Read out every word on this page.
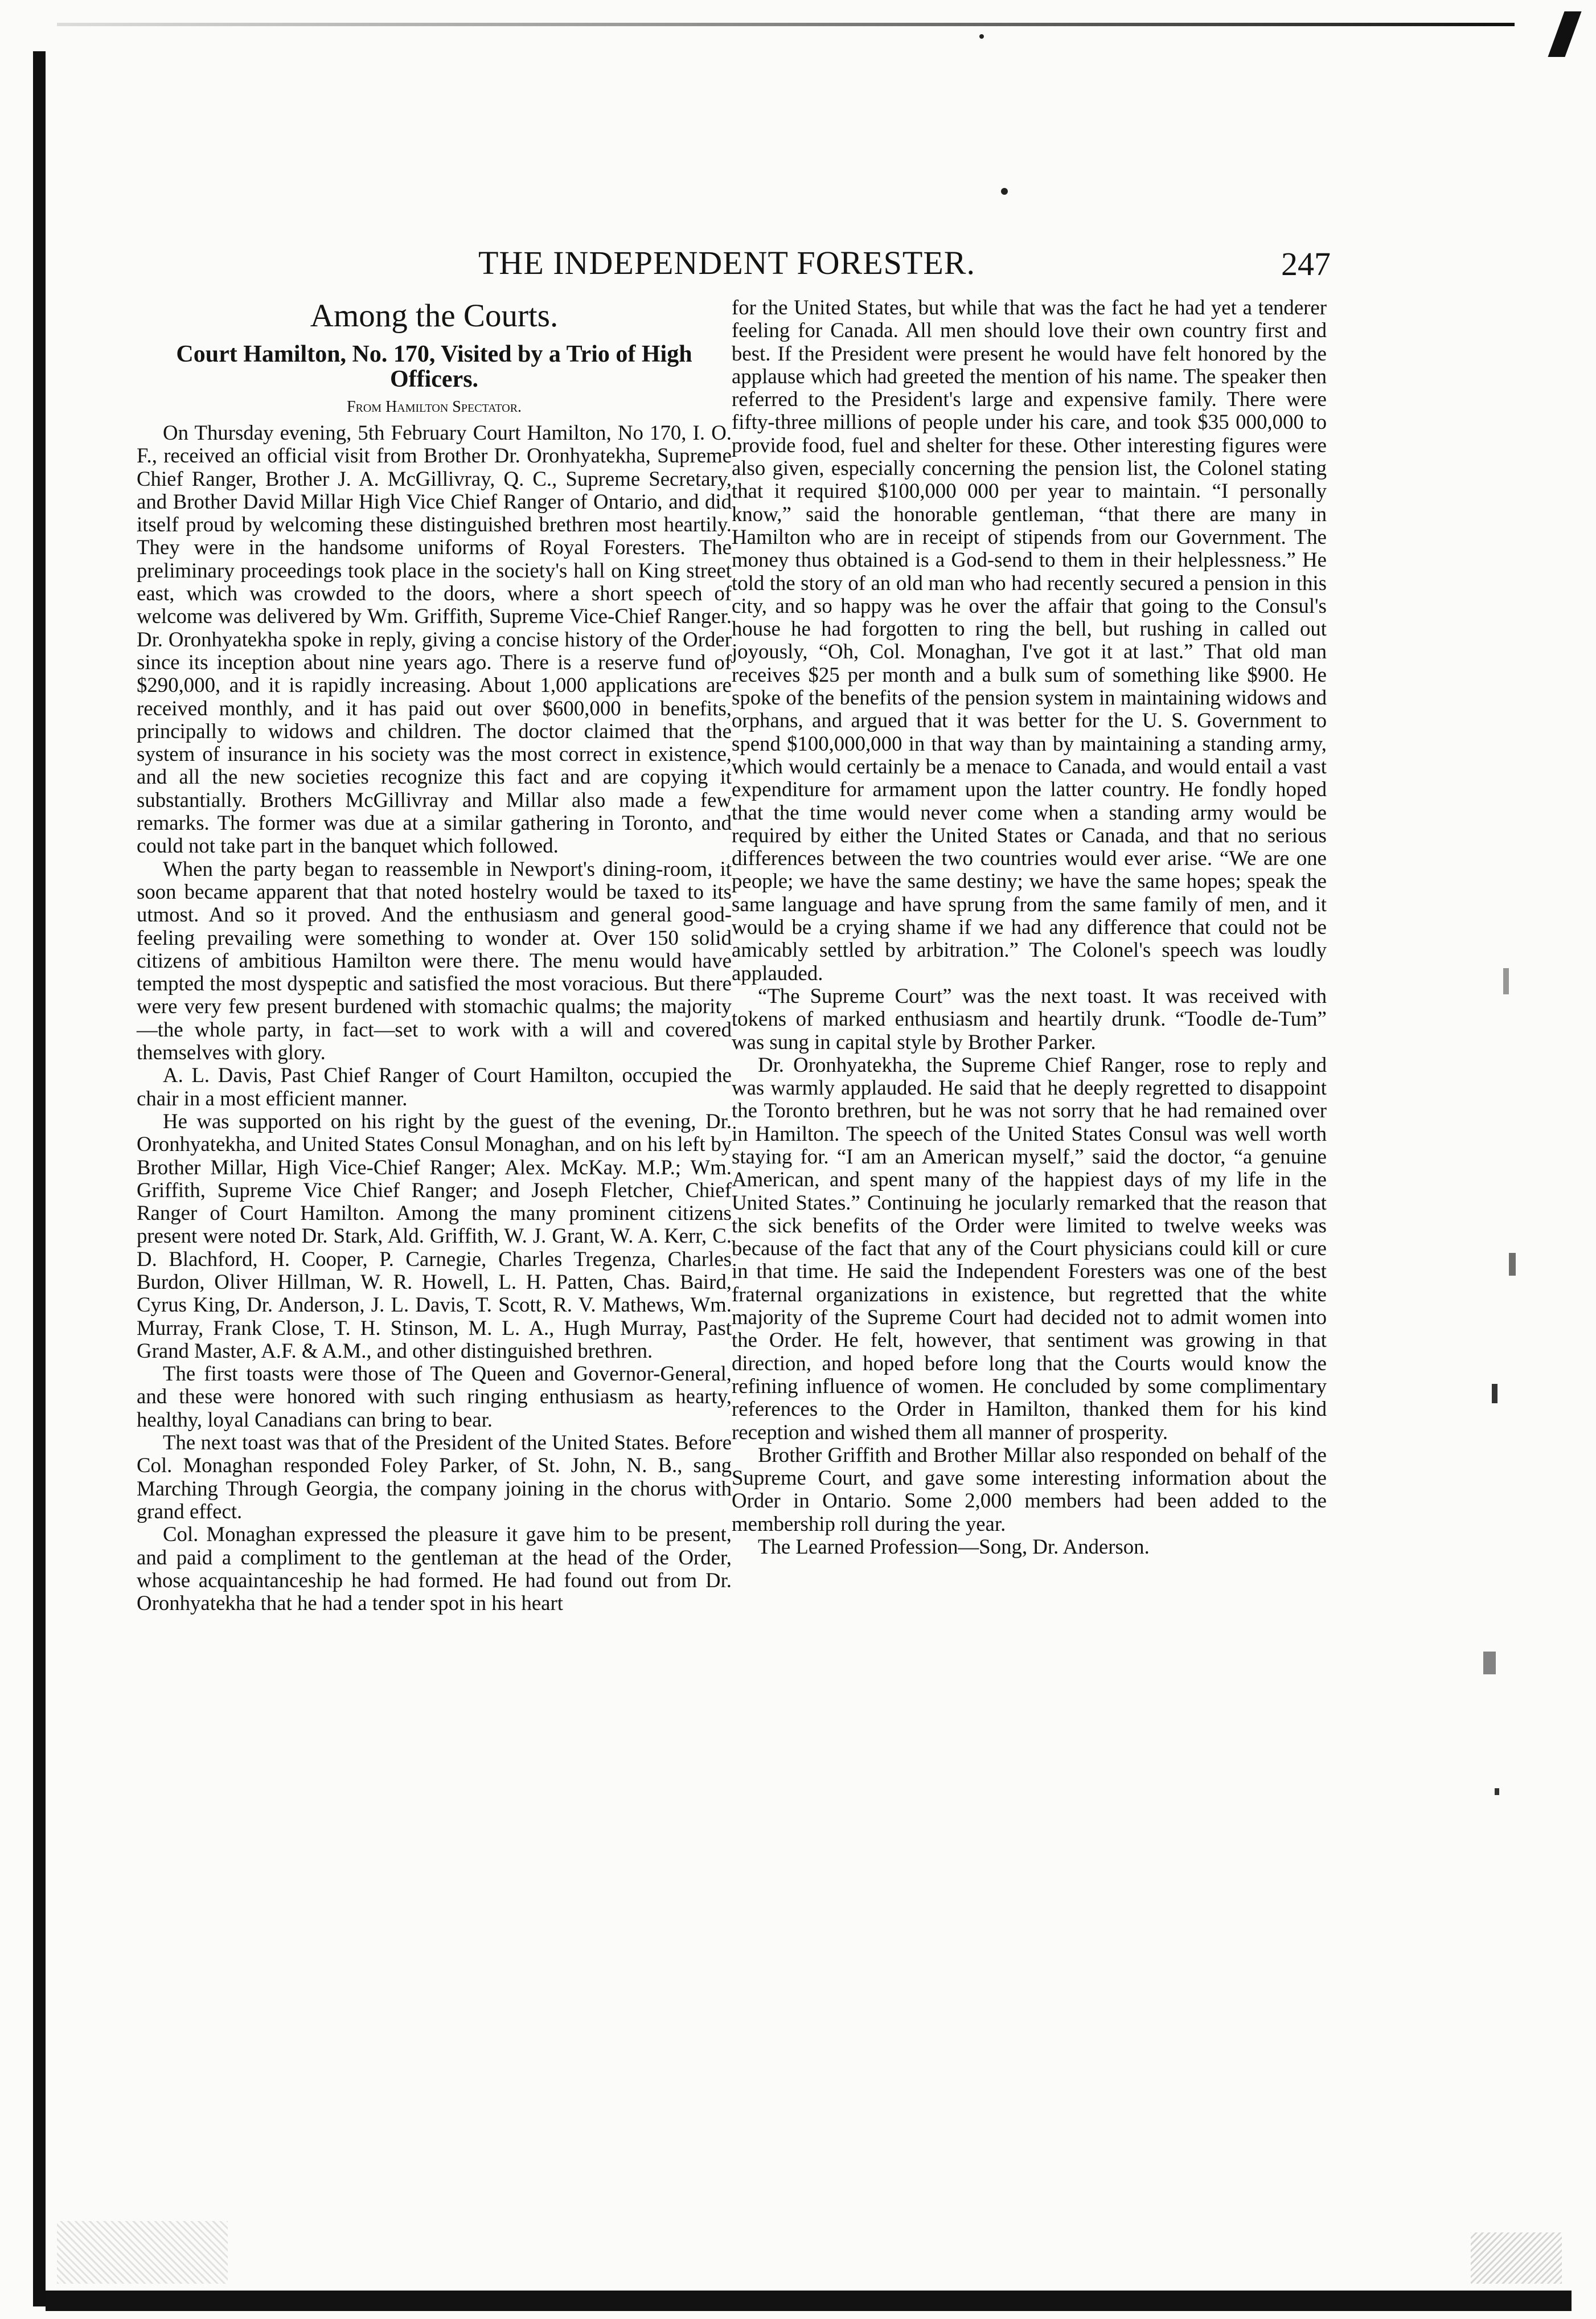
THE INDEPENDENT FORESTER.	247
Among the Courts.
Court Hamilton, No. 170, Visited by a Trio of High Officers.
From Hamilton Spectator.

On Thursday evening, 5th February Court Hamilton, No 170, I. O. F., received an official visit from Brother Dr. Oronhyatekha, Supreme Chief Ranger, Brother J. A. McGillivray, Q. C., Supreme Secretary, and Brother David Millar High Vice Chief Ranger of Ontario, and did itself proud by welcoming these distinguished brethren most heartily. They were in the handsome uniforms of Royal Foresters. The preliminary proceedings took place in the society's hall on King street east, which was crowded to the doors, where a short speech of welcome was delivered by Wm. Griffith, Supreme Vice-Chief Ranger. Dr. Oronhyatekha spoke in reply, giving a concise history of the Order since its inception about nine years ago. There is a reserve fund of $290,000, and it is rapidly increasing. About 1,000 applications are received monthly, and it has paid out over $600,000 in benefits, principally to widows and children. The doctor claimed that the system of insurance in his society was the most correct in existence, and all the new societies recognize this fact and are copying it substantially. Brothers McGillivray and Millar also made a few remarks. The former was due at a similar gathering in Toronto, and could not take part in the banquet which followed.

When the party began to reassemble in Newport's dining-room, it soon became apparent that that noted hostelry would be taxed to its utmost. And so it proved. And the enthusiasm and general good-feeling prevailing were something to wonder at. Over 150 solid citizens of ambitious Hamilton were there. The menu would have tempted the most dyspeptic and satisfied the most voracious. But there were very few present burdened with stomachic qualms; the majority—the whole party, in fact—set to work with a will and covered themselves with glory.

A. L. Davis, Past Chief Ranger of Court Hamilton, occupied the chair in a most efficient manner.

He was supported on his right by the guest of the evening, Dr. Oronhyatekha, and United States Consul Monaghan, and on his left by Brother Millar, High Vice-Chief Ranger; Alex. McKay. M.P.; Wm. Griffith, Supreme Vice Chief Ranger; and Joseph Fletcher, Chief Ranger of Court Hamilton. Among the many prominent citizens present were noted Dr. Stark, Ald. Griffith, W. J. Grant, W. A. Kerr, C. D. Blachford, H. Cooper, P. Carnegie, Charles Tregenza, Charles Burdon, Oliver Hillman, W. R. Howell, L. H. Patten, Chas. Baird, Cyrus King, Dr. Anderson, J. L. Davis, T. Scott, R. V. Mathews, Wm. Murray, Frank Close, T. H. Stinson, M. L. A., Hugh Murray, Past Grand Master, A.F. & A.M., and other distinguished brethren.

The first toasts were those of The Queen and Governor-General, and these were honored with such ringing enthusiasm as hearty, healthy, loyal Canadians can bring to bear.

The next toast was that of the President of the United States. Before Col. Monaghan responded Foley Parker, of St. John, N. B., sang Marching Through Georgia, the company joining in the chorus with grand effect.

Col. Monaghan expressed the pleasure it gave him to be present, and paid a compliment to the gentleman at the head of the Order, whose acquaintanceship he had formed. He had found out from Dr. Oronhyatekha that he had a tender spot in his heart

for the United States, but while that was the fact he had yet a tenderer feeling for Canada. All men should love their own country first and best. If the President were present he would have felt honored by the applause which had greeted the mention of his name. The speaker then referred to the President's large and expensive family. There were fifty-three millions of people under his care, and took $35 000,000 to provide food, fuel and shelter for these. Other interesting figures were also given, especially concerning the pension list, the Colonel stating that it required $100,000 000 per year to maintain. “I personally know,” said the honorable gentleman, “that there are many in Hamilton who are in receipt of stipends from our Government. The money thus obtained is a God-send to them in their helplessness.” He told the story of an old man who had recently secured a pension in this city, and so happy was he over the affair that going to the Consul's house he had forgotten to ring the bell, but rushing in called out joyously, “Oh, Col. Monaghan, I've got it at last.” That old man receives $25 per month and a bulk sum of something like $900. He spoke of the benefits of the pension system in maintaining widows and orphans, and argued that it was better for the U. S. Government to spend $100,000,000 in that way than by maintaining a standing army, which would certainly be a menace to Canada, and would entail a vast expenditure for armament upon the latter country. He fondly hoped that the time would never come when a standing army would be required by either the United States or Canada, and that no serious differences between the two countries would ever arise. “We are one people; we have the same destiny; we have the same hopes; speak the same language and have sprung from the same family of men, and it would be a crying shame if we had any difference that could not be amicably settled by arbitration.” The Colonel's speech was loudly applauded.

“The Supreme Court” was the next toast. It was received with tokens of marked enthusiasm and heartily drunk. “Toodle de-Tum” was sung in capital style by Brother Parker.

Dr. Oronhyatekha, the Supreme Chief Ranger, rose to reply and was warmly applauded. He said that he deeply regretted to disappoint the Toronto brethren, but he was not sorry that he had remained over in Hamilton. The speech of the United States Consul was well worth staying for. “I am an American myself,” said the doctor, “a genuine American, and spent many of the happiest days of my life in the United States.” Continuing he jocularly remarked that the reason that the sick benefits of the Order were limited to twelve weeks was because of the fact that any of the Court physicians could kill or cure in that time. He said the Independent Foresters was one of the best fraternal organizations in existence, but regretted that the white majority of the Supreme Court had decided not to admit women into the Order. He felt, however, that sentiment was growing in that direction, and hoped before long that the Courts would know the refining influence of women. He concluded by some complimentary references to the Order in Hamilton, thanked them for his kind reception and wished them all manner of prosperity.

Brother Griffith and Brother Millar also responded on behalf of the Supreme Court, and gave some interesting information about the Order in Ontario. Some 2,000 members had been added to the membership roll during the year.

The Learned Profession—Song, Dr. Anderson.
